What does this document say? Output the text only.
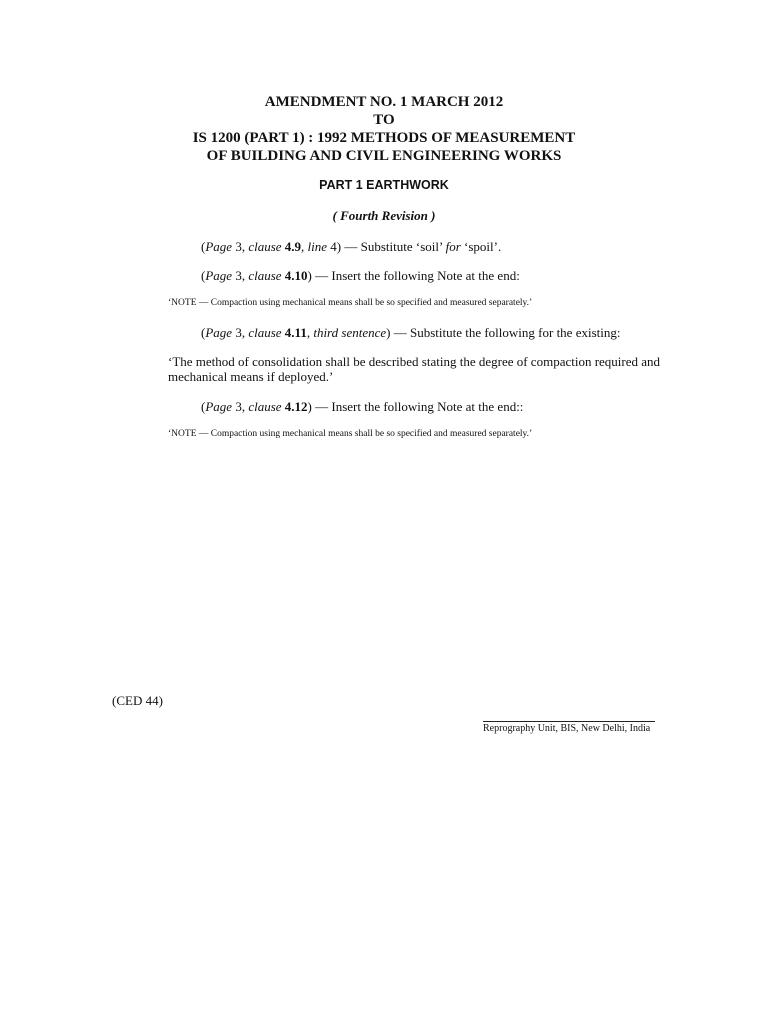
AMENDMENT NO. 1 MARCH 2012
TO
IS 1200 (PART 1) : 1992 METHODS OF MEASUREMENT
OF BUILDING AND CIVIL ENGINEERING WORKS
PART 1 EARTHWORK
( Fourth Revision )
(Page 3, clause 4.9, line 4) — Substitute ‘soil’ for ‘spoil’.
(Page 3, clause 4.10) — Insert the following Note at the end:
‘NOTE — Compaction using mechanical means shall be so specified and measured separately.’
(Page 3, clause 4.11, third sentence) — Substitute the following for the existing:
‘The method of consolidation shall be described stating the degree of compaction required and mechanical means if deployed.’
(Page 3, clause 4.12) — Insert the following Note at the end::
‘NOTE — Compaction using mechanical means shall be so specified and measured separately.’
(CED 44)
Reprography Unit, BIS, New Delhi, India
